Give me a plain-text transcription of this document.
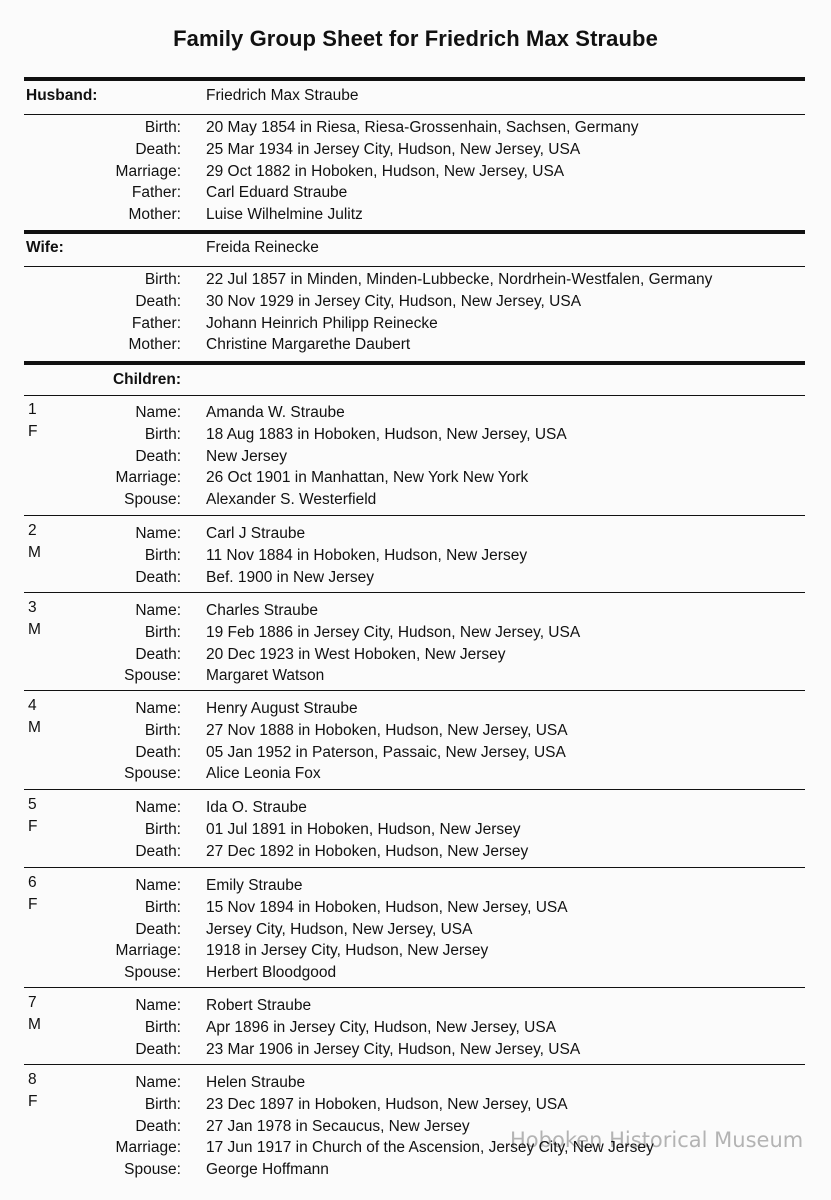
Family Group Sheet for Friedrich Max Straube
Hoboken Historical Museum
Husband:	Friedrich Max Straube
Birth: 20 May 1854 in Riesa, Riesa-Grossenhain, Sachsen, Germany
Death: 25 Mar 1934 in Jersey City, Hudson, New Jersey, USA
Marriage: 29 Oct 1882 in Hoboken, Hudson, New Jersey, USA
Father: Carl Eduard Straube
Mother: Luise Wilhelmine Julitz
Wife:	Freida Reinecke
Birth: 22 Jul 1857 in Minden, Minden-Lubbecke, Nordrhein-Westfalen, Germany
Death: 30 Nov 1929 in Jersey City, Hudson, New Jersey, USA
Father: Johann Heinrich Philipp Reinecke
Mother: Christine Margarethe Daubert
Children:
1
F
Name: Amanda W. Straube
Birth: 18 Aug 1883 in Hoboken, Hudson, New Jersey, USA
Death: New Jersey
Marriage: 26 Oct 1901 in Manhattan, New York New York
Spouse: Alexander S. Westerfield
2
M
Name: Carl J Straube
Birth: 11 Nov 1884 in Hoboken, Hudson, New Jersey
Death: Bef. 1900 in New Jersey
3
M
Name: Charles Straube
Birth: 19 Feb 1886 in Jersey City, Hudson, New Jersey, USA
Death: 20 Dec 1923 in West Hoboken, New Jersey
Spouse: Margaret Watson
4
M
Name: Henry August Straube
Birth: 27 Nov 1888 in Hoboken, Hudson, New Jersey, USA
Death: 05 Jan 1952 in Paterson, Passaic, New Jersey, USA
Spouse: Alice Leonia Fox
5
F
Name: Ida O. Straube
Birth: 01 Jul 1891 in Hoboken, Hudson, New Jersey
Death: 27 Dec 1892 in Hoboken, Hudson, New Jersey
6
F
Name: Emily Straube
Birth: 15 Nov 1894 in Hoboken, Hudson, New Jersey, USA
Death: Jersey City, Hudson, New Jersey, USA
Marriage: 1918 in Jersey City, Hudson, New Jersey
Spouse: Herbert Bloodgood
7
M
Name: Robert Straube
Birth: Apr 1896 in Jersey City, Hudson, New Jersey, USA
Death: 23 Mar 1906 in Jersey City, Hudson, New Jersey, USA
8
F
Name: Helen Straube
Birth: 23 Dec 1897 in Hoboken, Hudson, New Jersey, USA
Death: 27 Jan 1978 in Secaucus, New Jersey
Marriage: 17 Jun 1917 in Church of the Ascension, Jersey City, New Jersey
Spouse: George Hoffmann
